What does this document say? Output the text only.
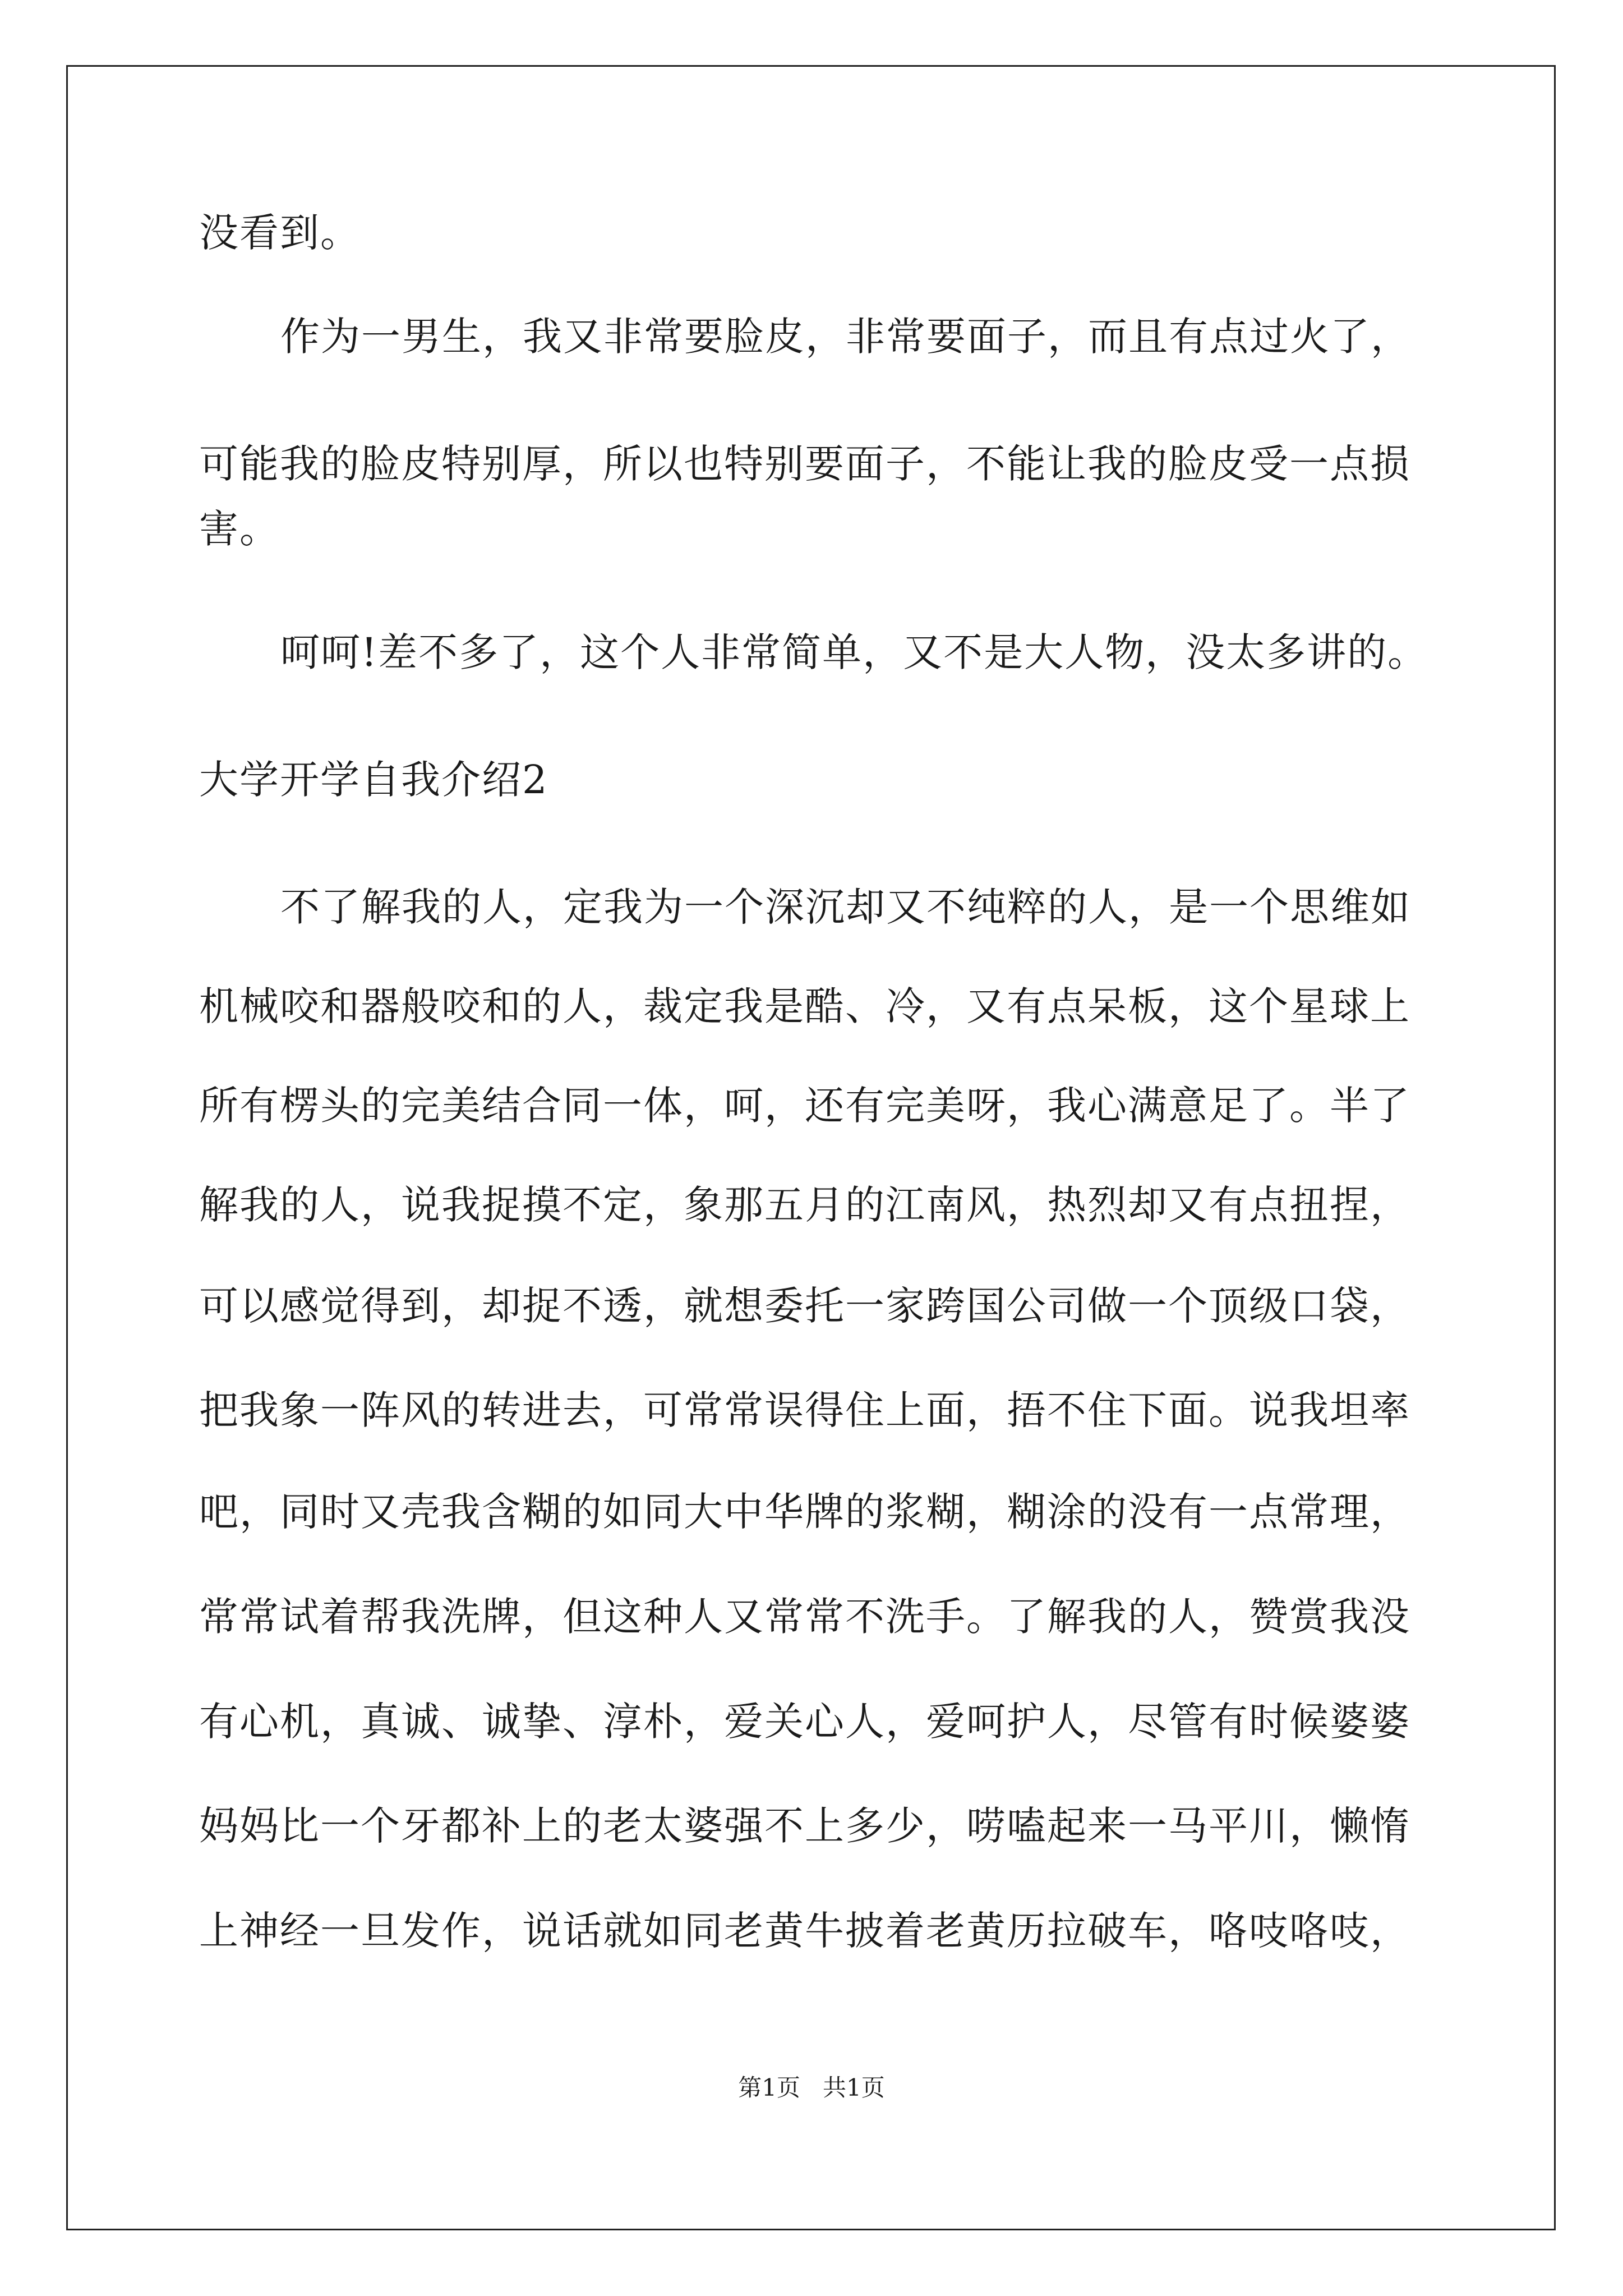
没看到。
作为一男生，我又非常要脸皮，非常要面子，而且有点过火了，
可能我的脸皮特别厚，所以也特别要面子，不能让我的脸皮受一点损
害。
呵呵!差不多了，这个人非常简单，又不是大人物，没太多讲的。
大学开学自我介绍2
不了解我的人，定我为一个深沉却又不纯粹的人，是一个思维如
机械咬和器般咬和的人，裁定我是酷、冷，又有点呆板，这个星球上
所有楞头的完美结合同一体，呵，还有完美呀，我心满意足了。半了
解我的人，说我捉摸不定，象那五月的江南风，热烈却又有点扭捏，
可以感觉得到，却捉不透，就想委托一家跨国公司做一个顶级口袋，
把我象一阵风的转进去，可常常误得住上面，捂不住下面。说我坦率
吧，同时又壳我含糊的如同大中华牌的浆糊，糊涂的没有一点常理，
常常试着帮我洗牌，但这种人又常常不洗手。了解我的人，赞赏我没
有心机，真诚、诚挚、淳朴，爱关心人，爱呵护人，尽管有时候婆婆
妈妈比一个牙都补上的老太婆强不上多少，唠嗑起来一马平川，懒惰
上神经一旦发作，说话就如同老黄牛披着老黄历拉破车，咯吱咯吱，
第1页   共1页
